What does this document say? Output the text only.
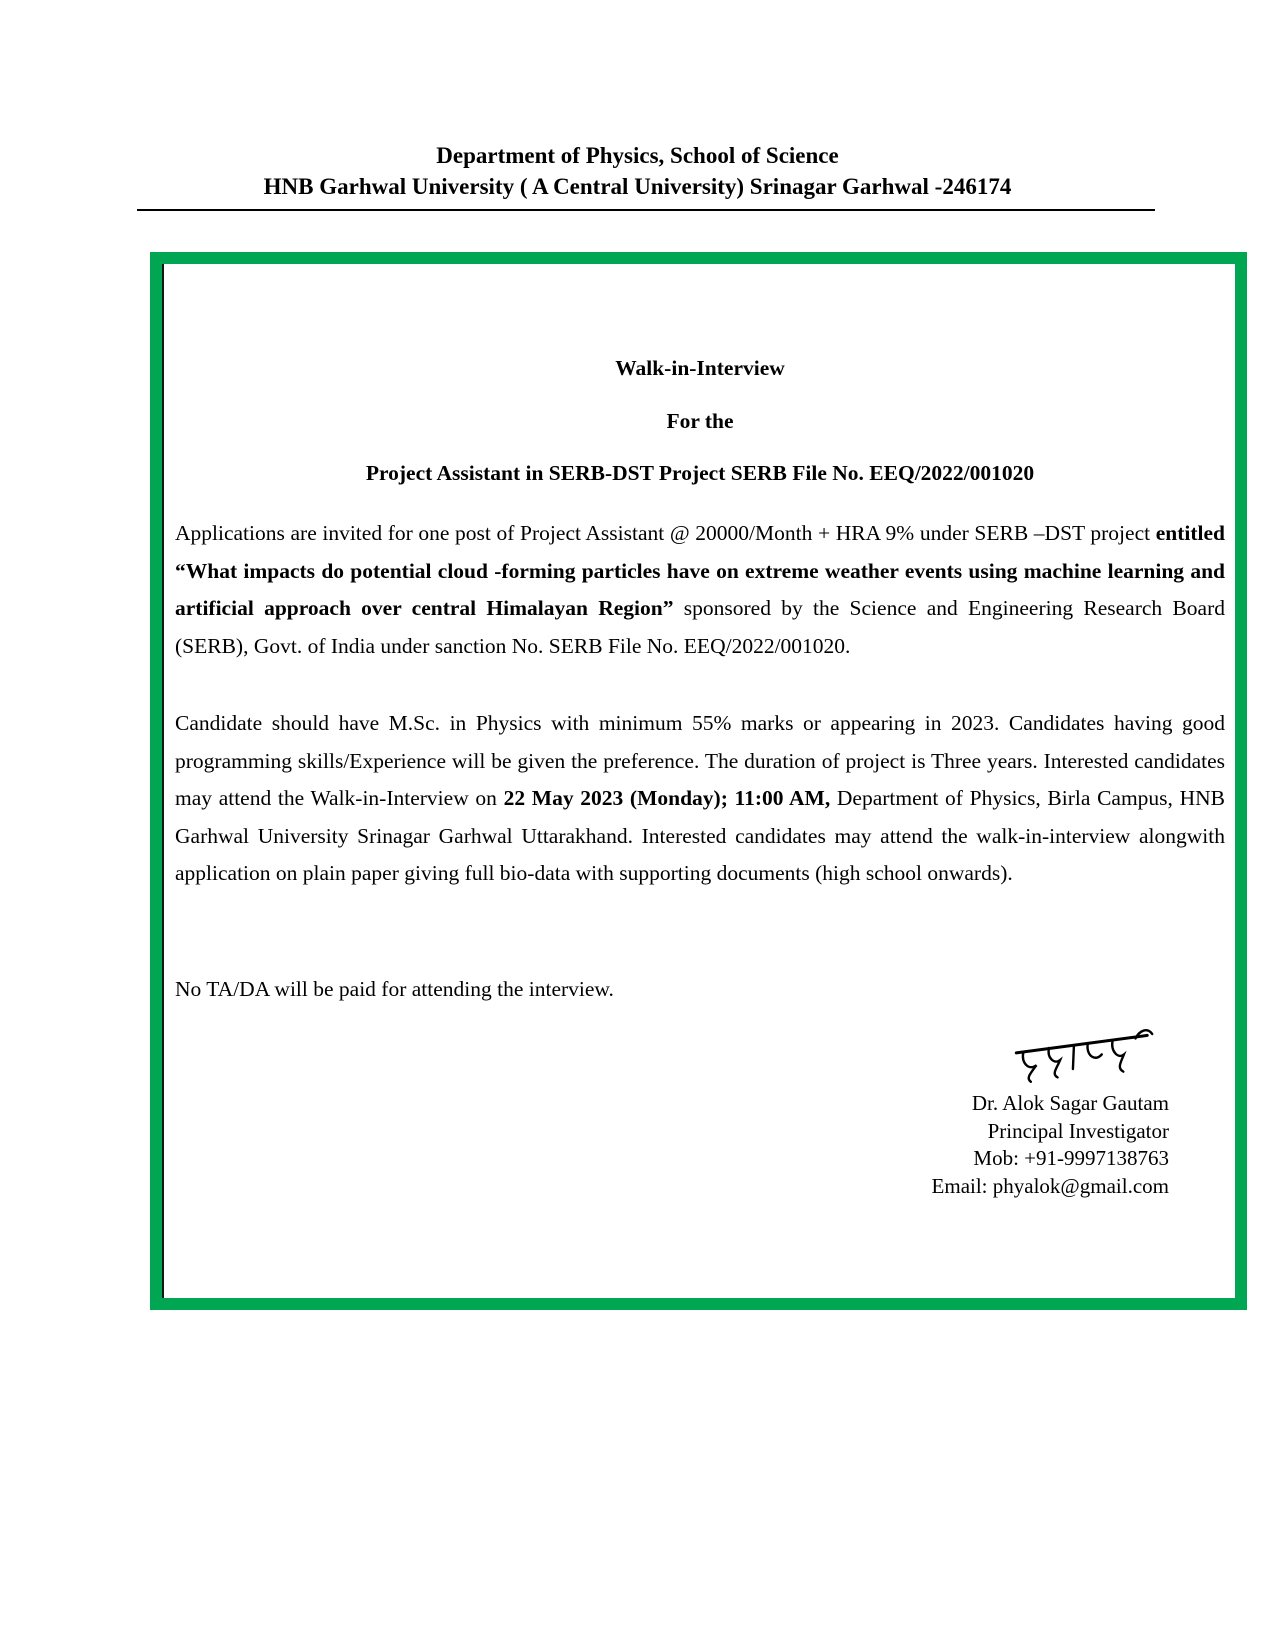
Department of Physics, School of Science
HNB Garhwal University ( A Central University) Srinagar Garhwal -246174
Walk-in-Interview
For the
Project Assistant in SERB-DST Project SERB File No. EEQ/2022/001020

Applications are invited for one post of Project Assistant @ 20000/Month + HRA 9% under SERB –DST project entitled “What impacts do potential cloud -forming particles have on extreme weather events using machine learning and artificial approach over central Himalayan Region” sponsored by the Science and Engineering Research Board (SERB), Govt. of India under sanction No. SERB File No. EEQ/2022/001020.

Candidate should have M.Sc. in Physics with minimum 55% marks or appearing in 2023. Candidates having good programming skills/Experience will be given the preference. The duration of project is Three years. Interested candidates may attend the Walk-in-Interview on 22 May 2023 (Monday); 11:00 AM, Department of Physics, Birla Campus, HNB Garhwal University Srinagar Garhwal Uttarakhand. Interested candidates may attend the walk-in-interview alongwith application on plain paper giving full bio-data with supporting documents (high school onwards).

No TA/DA will be paid for attending the interview.

Dr. Alok Sagar Gautam
Principal Investigator
Mob: +91-9997138763
Email: phyalok@gmail.com
